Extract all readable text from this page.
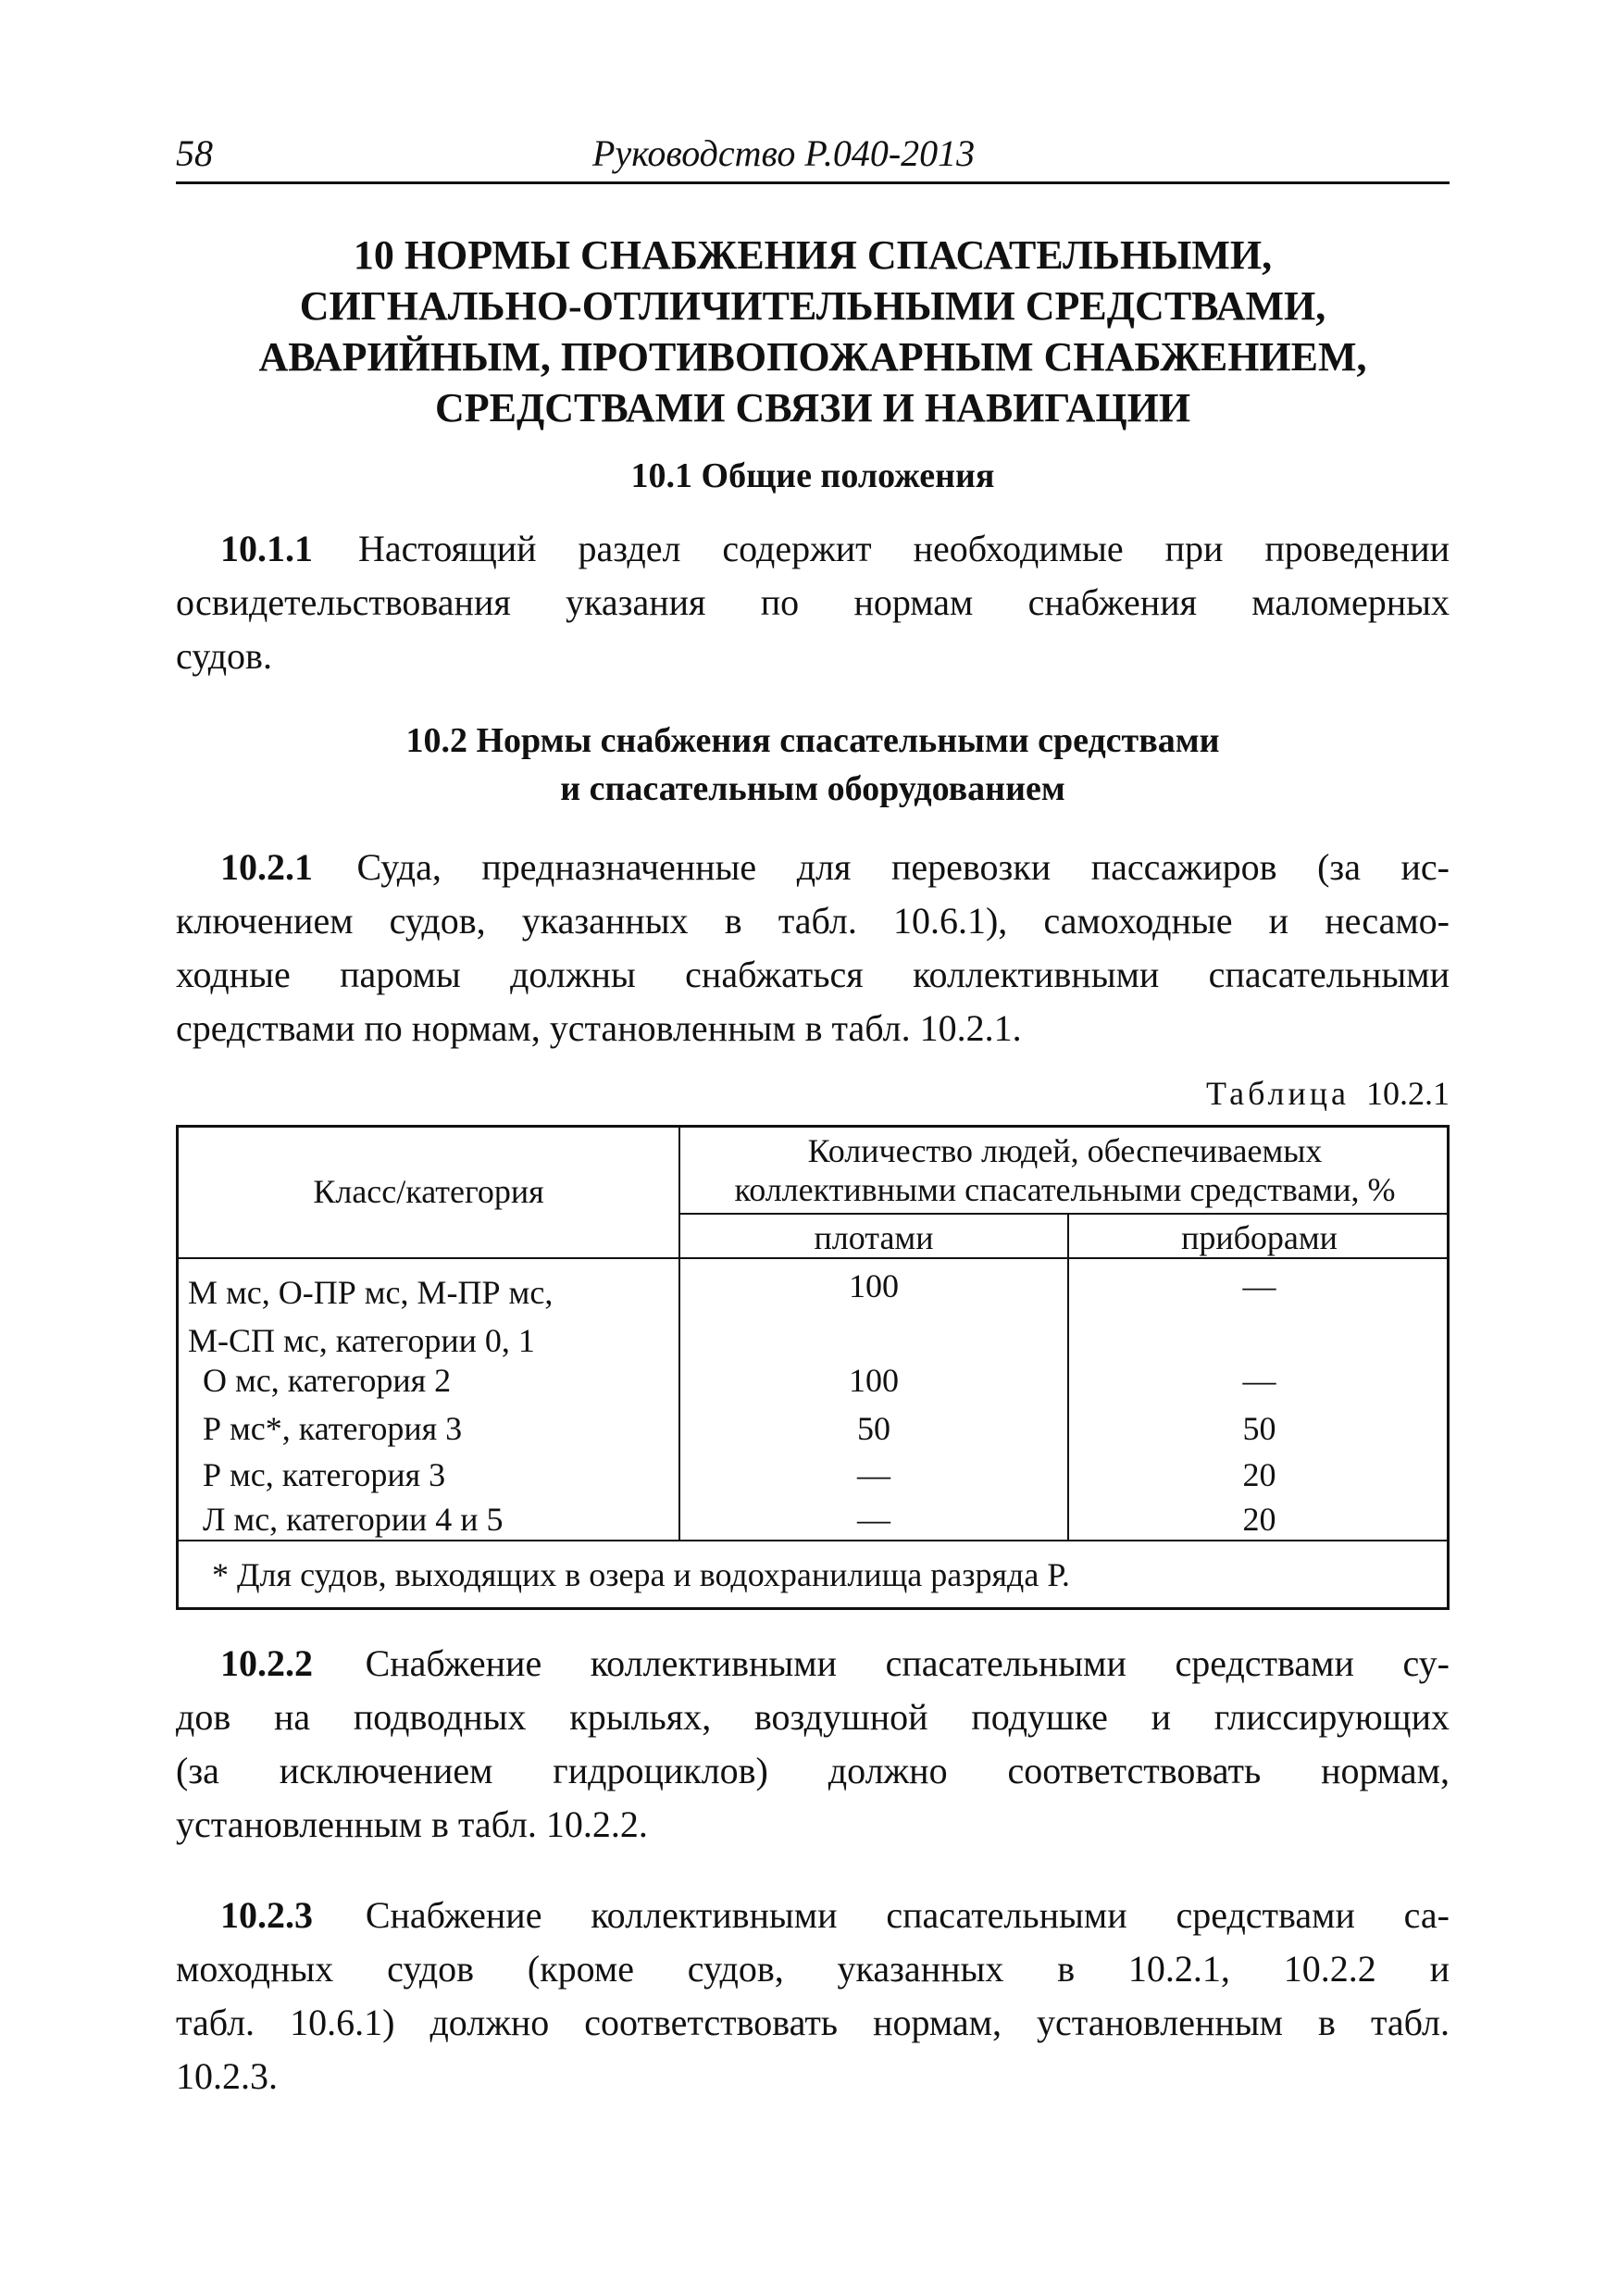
58	Руководство Р.040-2013
10 НОРМЫ СНАБЖЕНИЯ СПАСАТЕЛЬНЫМИ,
СИГНАЛЬНО-ОТЛИЧИТЕЛЬНЫМИ СРЕДСТВАМИ,
АВАРИЙНЫМ, ПРОТИВОПОЖАРНЫМ СНАБЖЕНИЕМ,
СРЕДСТВАМИ СВЯЗИ И НАВИГАЦИИ
10.1 Общие положения
10.1.1 Настоящий раздел содержит необходимые при проведении
освидетельствования указания по нормам снабжения маломерных
судов.
10.2 Нормы снабжения спасательными средствами
и спасательным оборудованием
10.2.1 Суда, предназначенные для перевозки пассажиров (за ис-
ключением судов, указанных в табл. 10.6.1), самоходные и несамо-
ходные паромы должны снабжаться коллективными спасательными
средствами по нормам, установленным в табл. 10.2.1.
Таблица 10.2.1
Класс/категория
Количество людей, обеспечиваемых
коллективными спасательными средствами, %
плотами	приборами
М мс, О-ПР мс, М-ПР мс,
М-СП мс, категории 0, 1
100	—
О мс, категория 2	100	—
Р мс*, категория 3	50	50
Р мс, категория 3	—	20
Л мс, категории 4 и 5	—	20
* Для судов, выходящих в озера и водохранилища разряда Р.
10.2.2 Снабжение коллективными спасательными средствами су-
дов на подводных крыльях, воздушной подушке и глиссирующих
(за исключением гидроциклов) должно соответствовать нормам,
установленным в табл. 10.2.2.
10.2.3 Снабжение коллективными спасательными средствами са-
моходных судов (кроме судов, указанных в 10.2.1, 10.2.2 и
табл. 10.6.1) должно соответствовать нормам, установленным в табл.
10.2.3.
